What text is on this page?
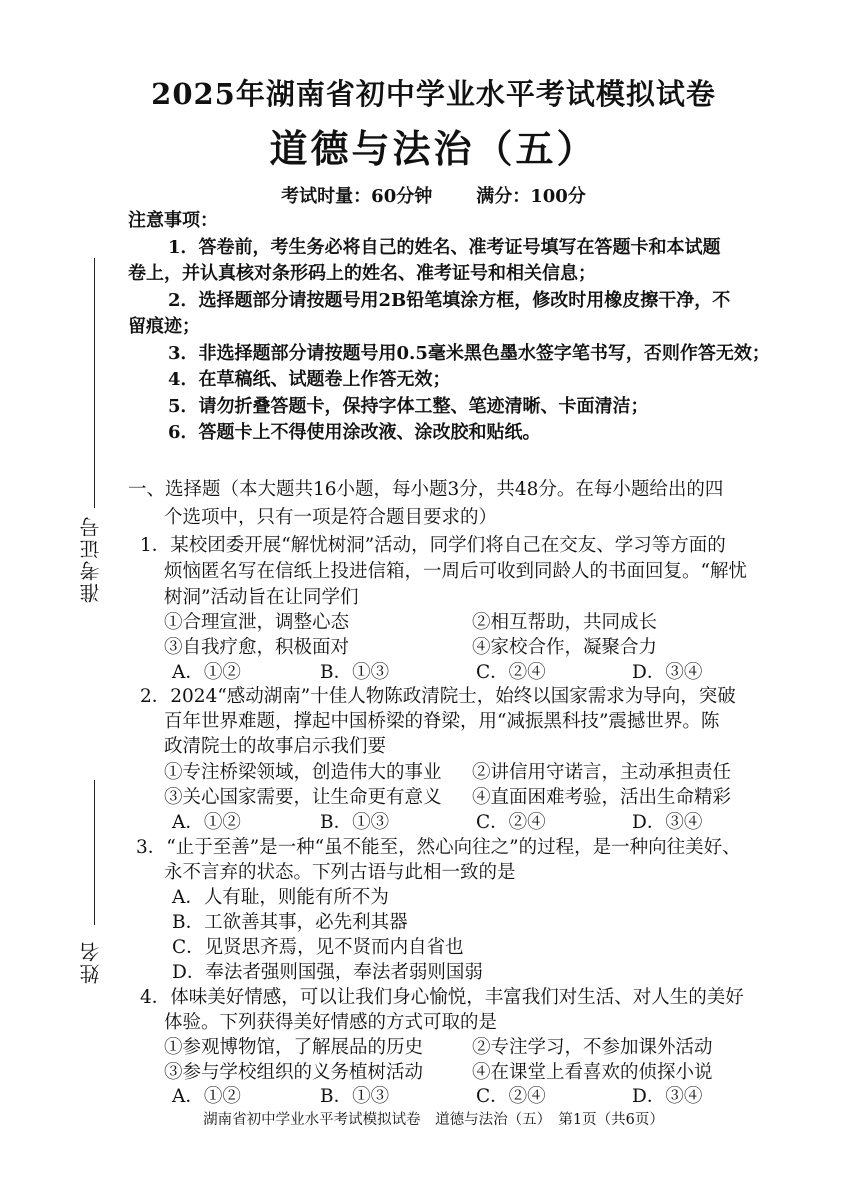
2025年湖南省初中学业水平考试模拟试卷
道德与法治（五）
考试时量：60分钟 满分：100分
准考证号
姓名
注意事项：
1．答卷前，考生务必将自己的姓名、准考证号填写在答题卡和本试题
卷上，并认真核对条形码上的姓名、准考证号和相关信息；
2．选择题部分请按题号用2B铅笔填涂方框，修改时用橡皮擦干净，不
留痕迹；
3．非选择题部分请按题号用0.5毫米黑色墨水签字笔书写，否则作答无效；
4．在草稿纸、试题卷上作答无效；
5．请勿折叠答题卡，保持字体工整、笔迹清晰、卡面清洁；
6．答题卡上不得使用涂改液、涂改胶和贴纸。
一、选择题（本大题共16小题，每小题3分，共48分。在每小题给出的四
个选项中，只有一项是符合题目要求的）
1．某校团委开展“解忧树洞”活动，同学们将自己在交友、学习等方面的
烦恼匿名写在信纸上投进信箱，一周后可收到同龄人的书面回复。“解忧
树洞”活动旨在让同学们
①合理宣泄，调整心态	②相互帮助，共同成长
③自我疗愈，积极面对	④家校合作，凝聚合力
A．①②	B．①③	C．②④	D．③④
2．2024“感动湖南”十佳人物陈政清院士，始终以国家需求为导向，突破
百年世界难题，撑起中国桥梁的脊梁，用“减振黑科技”震撼世界。陈
政清院士的故事启示我们要
①专注桥梁领域，创造伟大的事业 ②讲信用守诺言，主动承担责任
③关心国家需要，让生命更有意义 ④直面困难考验，活出生命精彩
A．①②	B．①③	C．②④	D．③④
3．“止于至善”是一种“虽不能至，然心向往之”的过程，是一种向往美好、
永不言弃的状态。下列古语与此相一致的是
A．人有耻，则能有所不为
B．工欲善其事，必先利其器
C．见贤思齐焉，见不贤而内自省也
D．奉法者强则国强，奉法者弱则国弱
4．体味美好情感，可以让我们身心愉悦，丰富我们对生活、对人生的美好
体验。下列获得美好情感的方式可取的是
①参观博物馆，了解展品的历史	②专注学习，不参加课外活动
③参与学校组织的义务植树活动	④在课堂上看喜欢的侦探小说
A．①②	B．①③	C．②④	D．③④
湖南省初中学业水平考试模拟试卷　道德与法治（五）　第1页（共6页）
